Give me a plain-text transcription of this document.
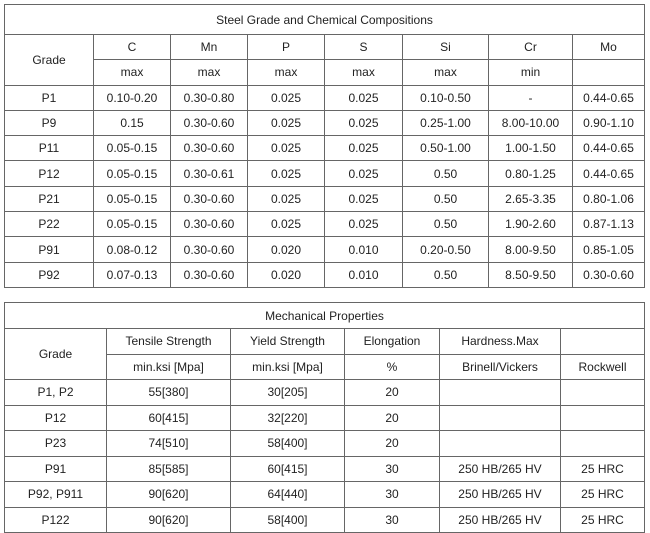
Steel Grade and Chemical Compositions							
Grade	C	Mn	P	S	Si	Cr	Mo
	max	max	max	max	max	min	
P1	0.10-0.20	0.30-0.80	0.025	0.025	0.10-0.50	-	0.44-0.65
P9	0.15	0.30-0.60	0.025	0.025	0.25-1.00	8.00-10.00	0.90-1.10
P11	0.05-0.15	0.30-0.60	0.025	0.025	0.50-1.00	1.00-1.50	0.44-0.65
P12	0.05-0.15	0.30-0.61	0.025	0.025	0.50	0.80-1.25	0.44-0.65
P21	0.05-0.15	0.30-0.60	0.025	0.025	0.50	2.65-3.35	0.80-1.06
P22	0.05-0.15	0.30-0.60	0.025	0.025	0.50	1.90-2.60	0.87-1.13
P91	0.08-0.12	0.30-0.60	0.020	0.010	0.20-0.50	8.00-9.50	0.85-1.05
P92	0.07-0.13	0.30-0.60	0.020	0.010	0.50	8.50-9.50	0.30-0.60
Mechanical Properties					
Grade	Tensile Strength	Yield Strength	Elongation	Hardness.Max	
	min.ksi [Mpa]	min.ksi [Mpa]	%	Brinell/Vickers	Rockwell
P1, P2	55[380]	30[205]	20		
P12	60[415]	32[220]	20		
P23	74[510]	58[400]	20		
P91	85[585]	60[415]	30	250 HB/265 HV	25 HRC
P92, P911	90[620]	64[440]	30	250 HB/265 HV	25 HRC
P122	90[620]	58[400]	30	250 HB/265 HV	25 HRC
